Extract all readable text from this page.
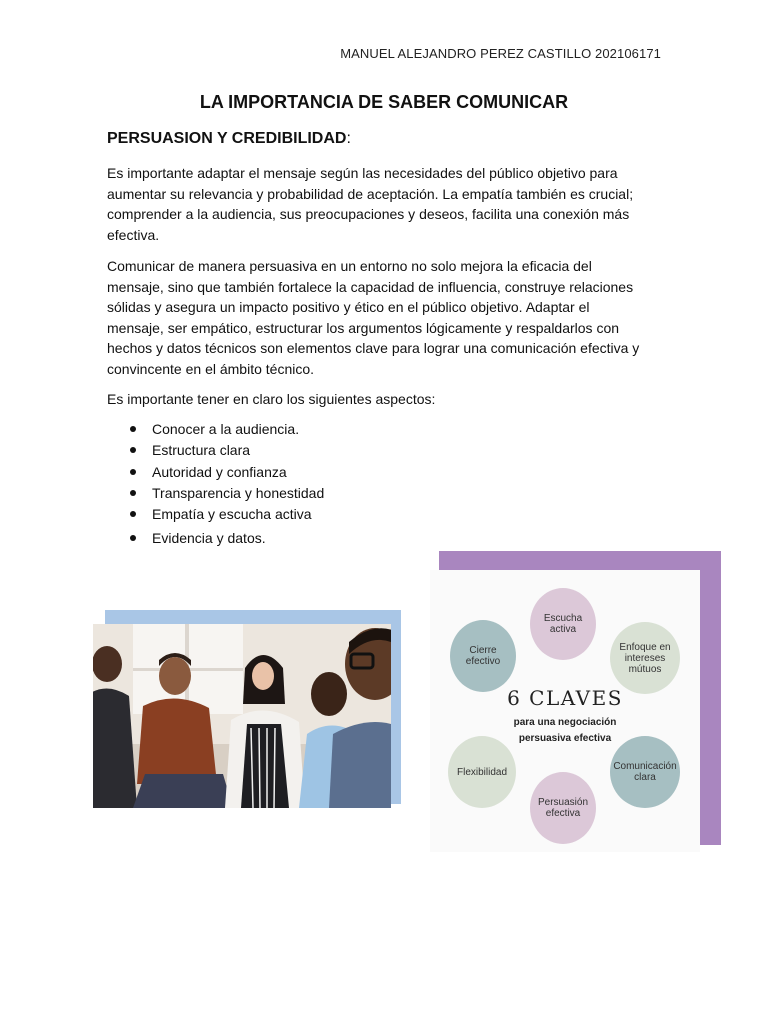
MANUEL ALEJANDRO PEREZ CASTILLO 202106171
LA IMPORTANCIA DE SABER COMUNICAR
PERSUASION Y CREDIBILIDAD:

Es importante adaptar el mensaje según las necesidades del público objetivo para aumentar su relevancia y probabilidad de aceptación. La empatía también es crucial; comprender a la audiencia, sus preocupaciones y deseos, facilita una conexión más efectiva.

Comunicar de manera persuasiva en un entorno no solo mejora la eficacia del mensaje, sino que también fortalece la capacidad de influencia, construye relaciones sólidas y asegura un impacto positivo y ético en el público objetivo. Adaptar el mensaje, ser empático, estructurar los argumentos lógicamente y respaldarlos con hechos y datos técnicos son elementos clave para lograr una comunicación efectiva y convincente en el ámbito técnico.

Es importante tener en claro los siguientes aspectos:

Conocer a la audiencia.
Estructura clara
Autoridad y confianza
Transparencia y honestidad
Empatía y escucha activa
Evidencia y datos.
Escucha
activa
Cierre
efectivo
Enfoque en
intereses
mútuos
6 CLAVES
para una negociación
persuasiva efectiva
Flexibilidad	Comunicación
clara
Persuasión
efectiva
